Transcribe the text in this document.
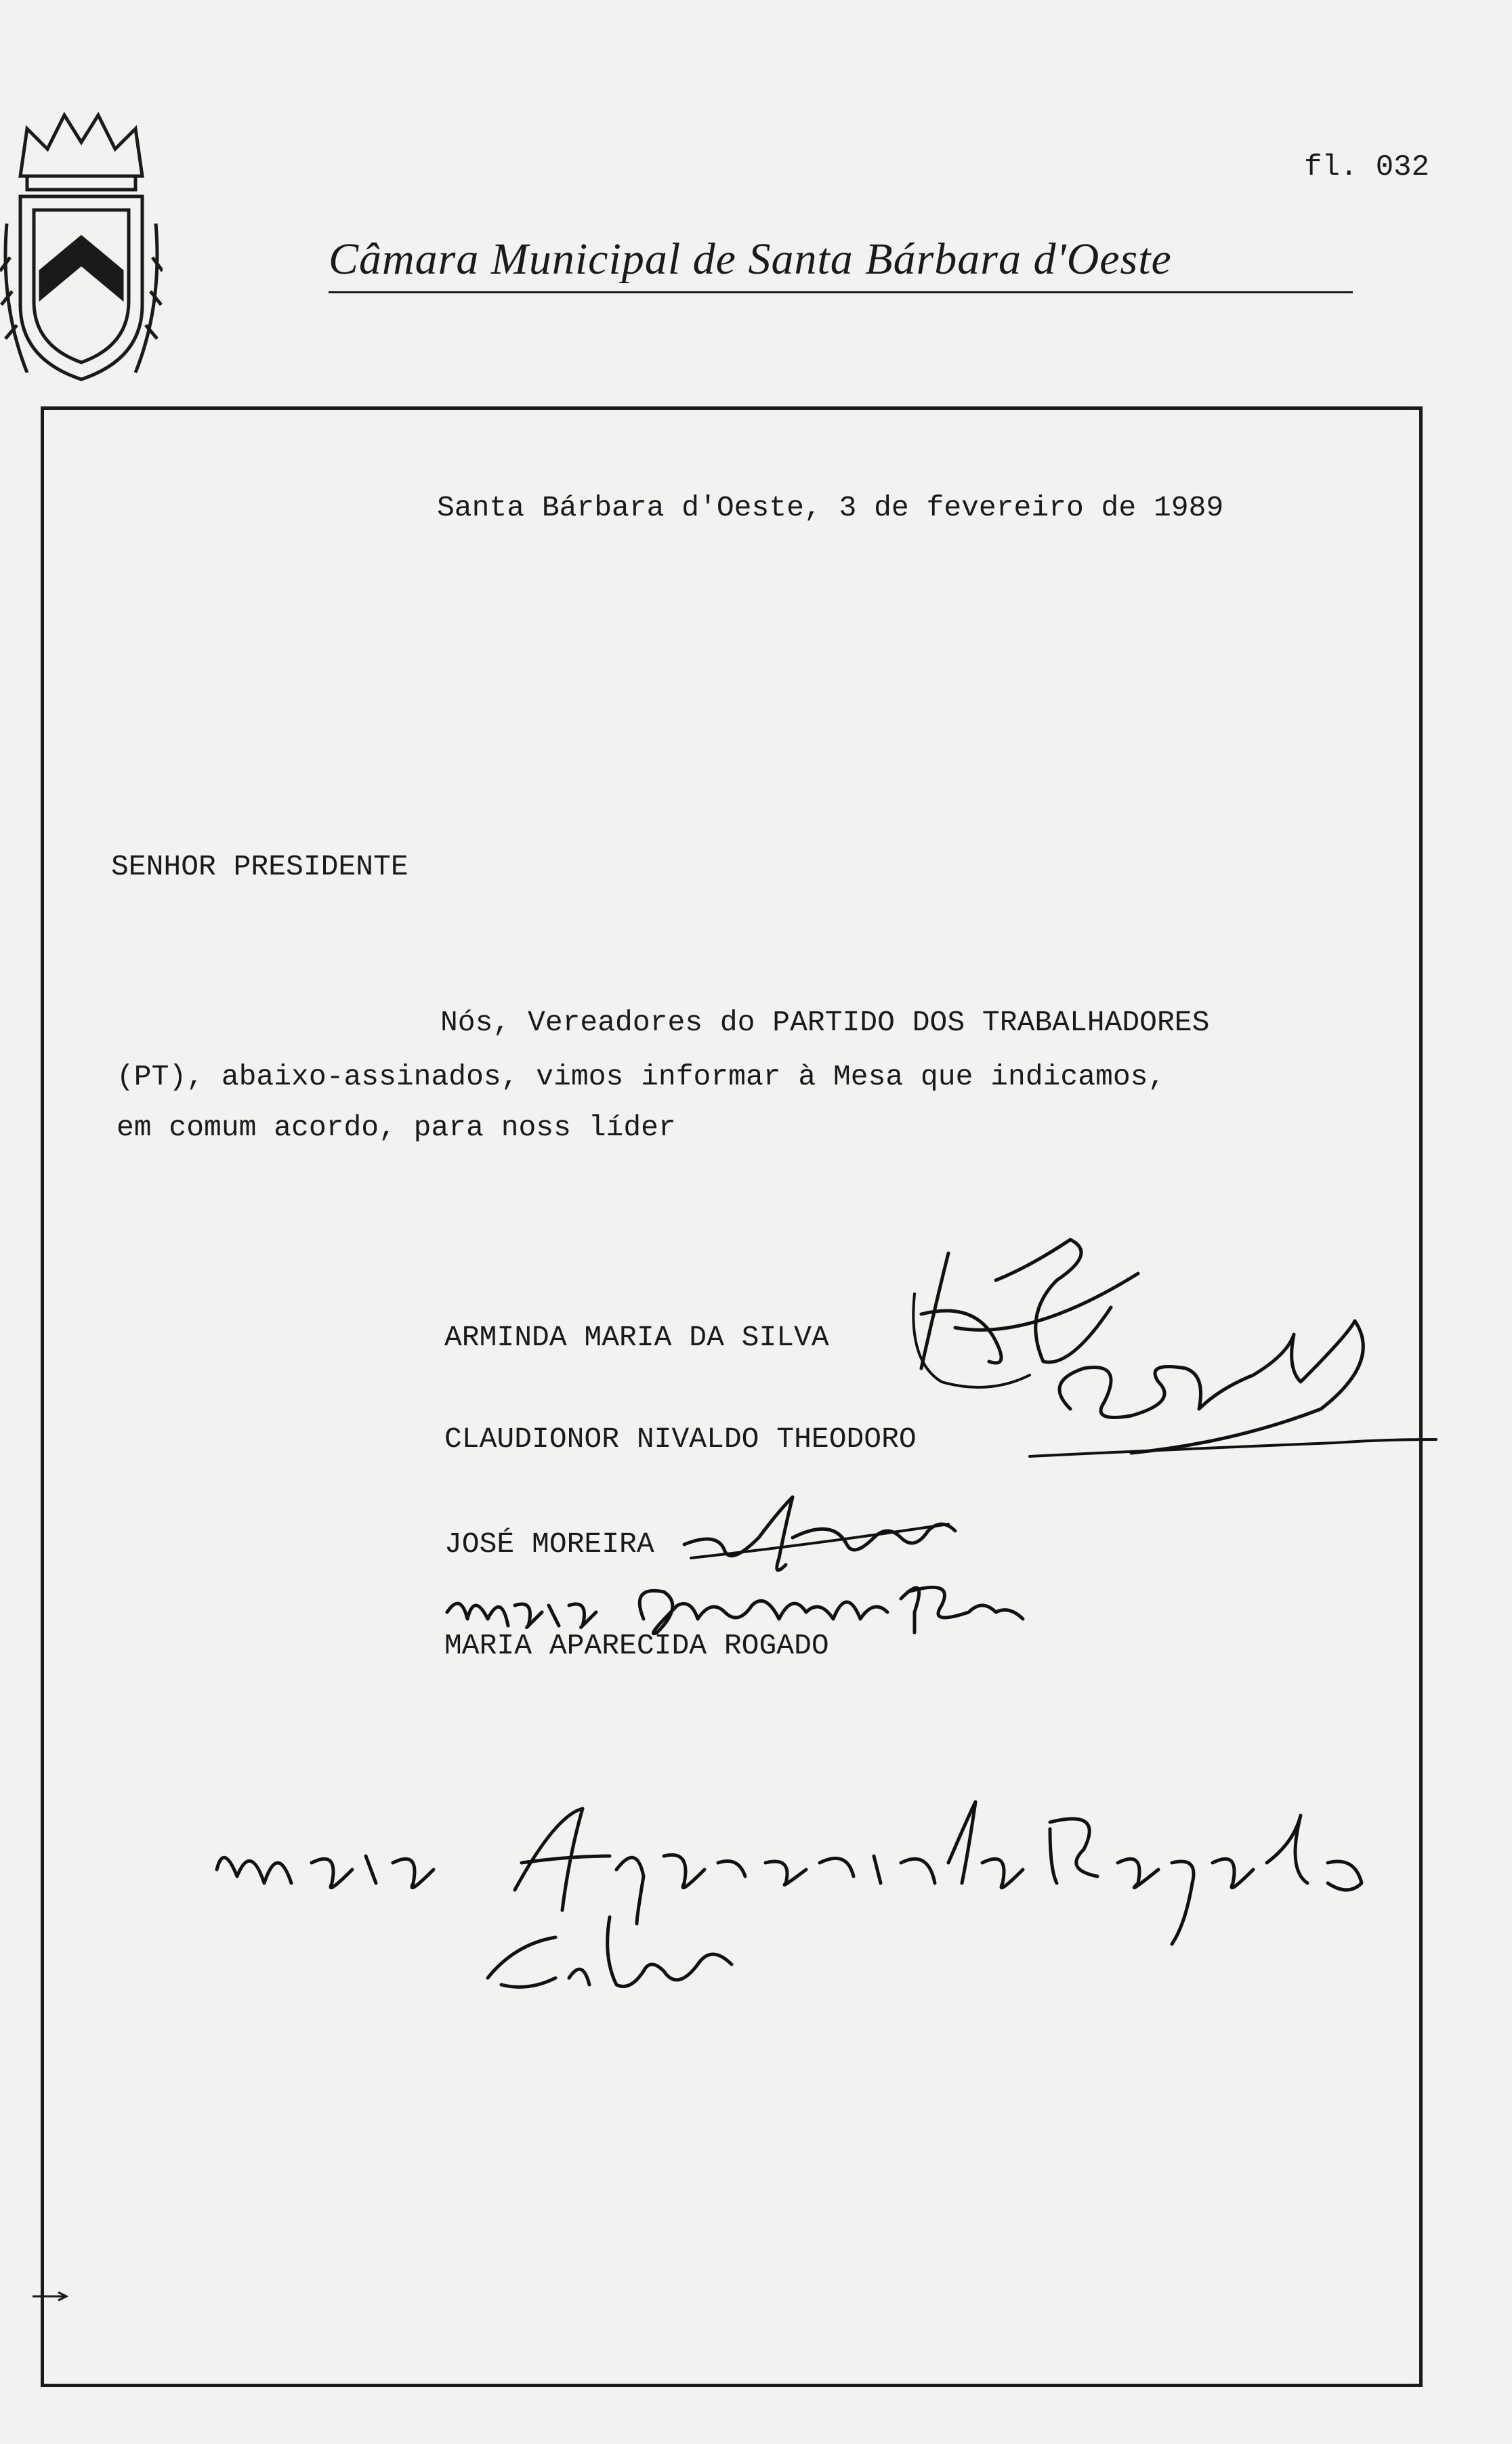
fl. 032
Câmara Municipal de Santa Bárbara d'Oeste
Santa Bárbara d'Oeste, 3 de fevereiro de 1989
SENHOR PRESIDENTE
Nós, Vereadores do PARTIDO DOS TRABALHADORES
(PT), abaixo-assinados, vimos informar à Mesa que indicamos,
em comum acordo, para noss líder
ARMINDA MARIA DA SILVA
CLAUDIONOR NIVALDO THEODORO
JOSÉ MOREIRA
MARIA APARECIDA ROGADO
